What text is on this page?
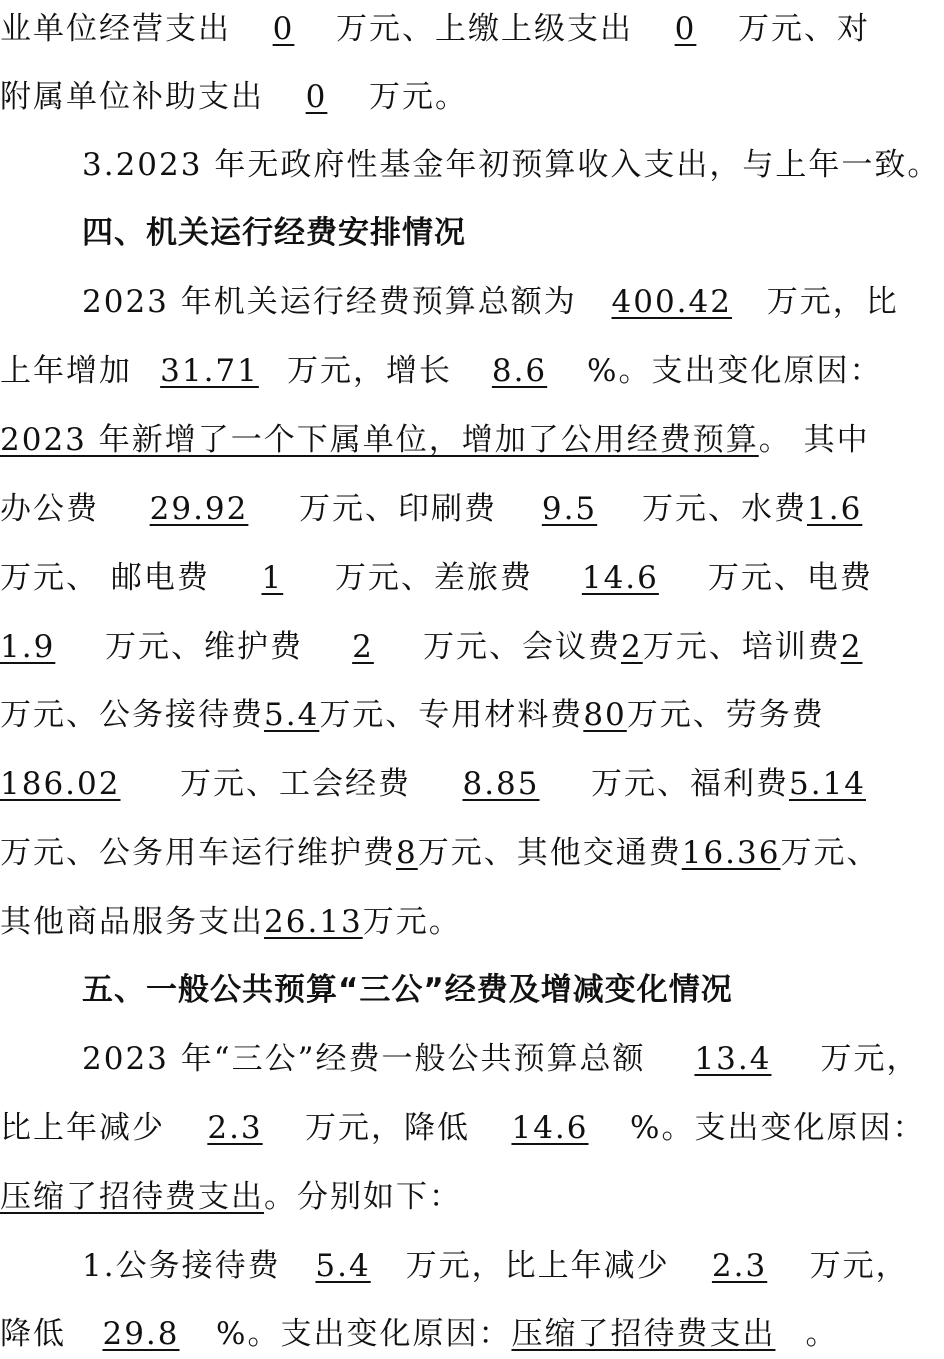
业单位经营支出 0 万元、上缴上级支出 0 万元、对
附属单位补助支出 0 万元。
3.2023 年无政府性基金年初预算收入支出，与上年一致。
四、机关运行经费安排情况
2023 年机关运行经费预算总额为 400.42 万元，比
上年增加 31.71 万元，增长 8.6 %。支出变化原因：
2023 年新增了一个下属单位，增加了公用经费预算。 其中
办公费 29.92 万元、印刷费 9.5 万元、水费1.6
万元、 邮电费 1 万元、差旅费 14.6 万元、电费
1.9 万元、维护费 2 万元、会议费2万元、培训费2
万元、公务接待费5.4万元、专用材料费80万元、劳务费
186.02 万元、工会经费 8.85 万元、福利费5.14
万元、公务用车运行维护费8万元、其他交通费16.36万元、
其他商品服务支出26.13万元。
五、一般公共预算“三公”经费及增减变化情况
2023 年“三公”经费一般公共预算总额 13.4 万元，
比上年减少 2.3 万元，降低 14.6 %。支出变化原因：
压缩了招待费支出。分别如下：
1.公务接待费 5.4 万元，比上年减少 2.3 万元，
降低 29.8 %。支出变化原因：压缩了招待费支出 。
